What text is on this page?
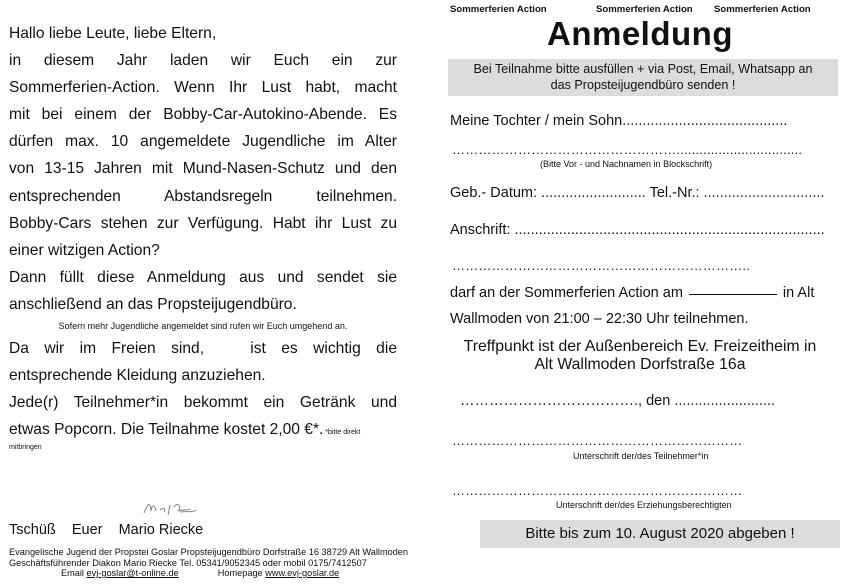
Hallo liebe Leute, liebe Eltern,
in diesem Jahr laden wir Euch ein zur
Sommerferien-Action. Wenn Ihr Lust habt, macht
mit bei einem der Bobby-Car-Autokino-Abende. Es
dürfen max. 10 angemeldete Jugendliche im Alter
von 13-15 Jahren mit Mund-Nasen-Schutz und den
entsprechenden Abstandsregeln teilnehmen.
Bobby-Cars stehen zur Verfügung. Habt ihr Lust zu
einer witzigen Action?
Dann füllt diese Anmeldung aus und sendet sie
anschließend an das Propsteijugendbüro.
Sofern mehr Jugendliche angemeldet sind rufen wir Euch umgehend an.
Da wir im Freien sind,   ist es wichtig die
entsprechende Kleidung anzuziehen.
Jede(r) Teilnehmer*in bekommt ein Getränk und
etwas Popcorn. Die Teilnahme kostet 2,00 €*. *bitte direkt
mitbringen
Tschüß    Euer    Mario Riecke
Evangelische Jugend der Propstei Goslar Propsteijugendbüro Dorfstraße 16 38729 Alt Wallmoden
Geschäftsführender Diakon Mario Riecke Tel. 05341/9052345 oder mobil 0175/7412507
Email evj-goslar@t-online.de	Homepage www.evj-goslar.de
Sommerferien Action	Sommerferien Action Sommerferien Action
Anmeldung
Bei Teilnahme bitte ausfüllen + via Post, Email, Whatsapp an
das Propsteijugendbüro senden !
Meine Tochter / mein Sohn.........................................
…………………………………………….................................
(Bitte Vor - und Nachnamen in Blockschrift)
Geb.- Datum: .......................... Tel.-Nr.: ..............................
Anschrift: .............................................................................
…………………………………………………………..
darf an der Sommerferien Action am	in Alt
Wallmoden von 21:00 – 22:30 Uhr teilnehmen.
Treffpunkt ist der Außenbereich Ev. Freizeitheim in
Alt Wallmoden Dorfstraße 16a
………………………………., den .........................
…………………………………………………………
Unterschrift der/des Teilnehmer*in
…………………………………………………………
Unterschrift der/des Erziehungsberechtigten
Bitte bis zum 10. August 2020 abgeben !
